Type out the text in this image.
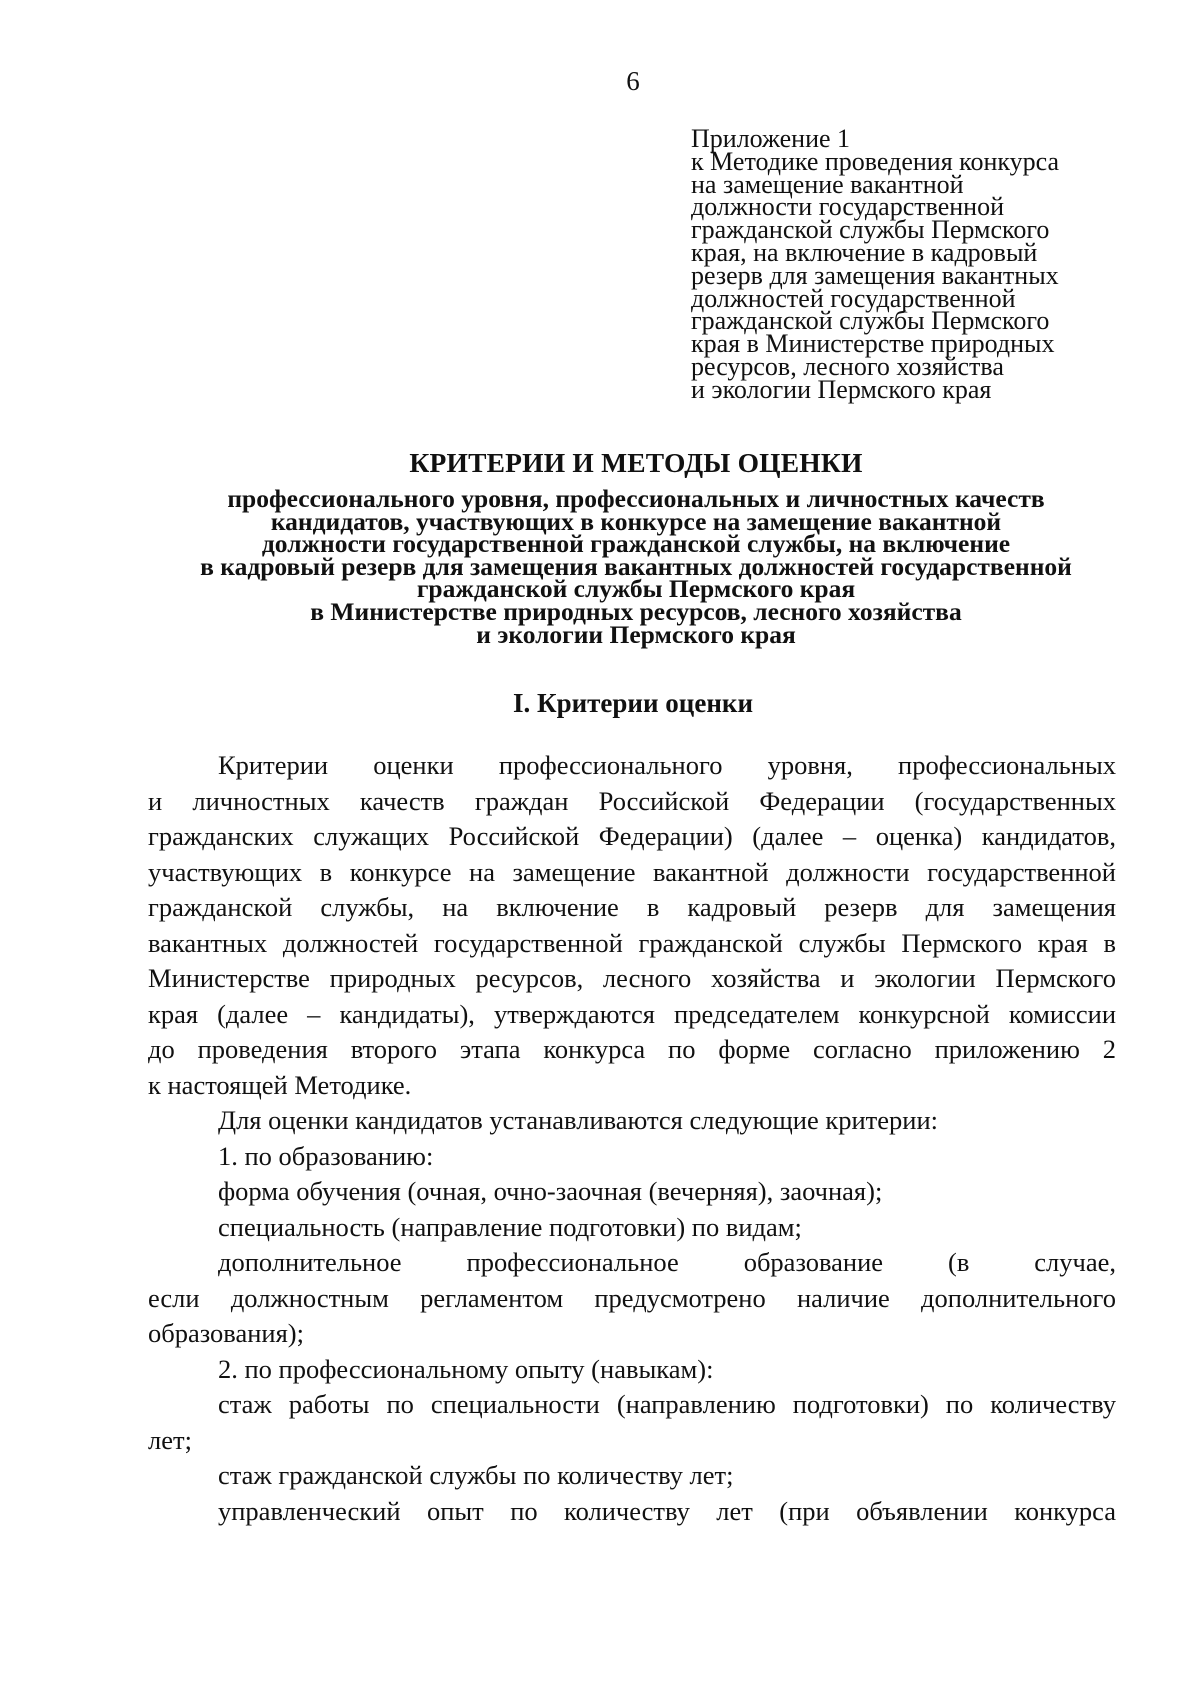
6
Приложение 1
к Методике проведения конкурса
на замещение вакантной
должности государственной
гражданской службы Пермского
края, на включение в кадровый
резерв для замещения вакантных
должностей государственной
гражданской службы Пермского
края в Министерстве природных
ресурсов, лесного хозяйства
и экологии Пермского края
КРИТЕРИИ И МЕТОДЫ ОЦЕНКИ
профессионального уровня, профессиональных и личностных качеств
кандидатов, участвующих в конкурсе на замещение вакантной
должности государственной гражданской службы, на включение
в кадровый резерв для замещения вакантных должностей государственной
гражданской службы Пермского края
в Министерстве природных ресурсов, лесного хозяйства
и экологии Пермского края
I. Критерии оценки
Критерии оценки профессионального уровня, профессиональных
и личностных качеств граждан Российской Федерации (государственных
гражданских служащих Российской Федерации) (далее – оценка) кандидатов,
участвующих в конкурсе на замещение вакантной должности государственной
гражданской службы, на включение в кадровый резерв для замещения
вакантных должностей государственной гражданской службы Пермского края в
Министерстве природных ресурсов, лесного хозяйства и экологии Пермского
края (далее – кандидаты), утверждаются председателем конкурсной комиссии
до проведения второго этапа конкурса по форме согласно приложению 2
к настоящей Методике.
Для оценки кандидатов устанавливаются следующие критерии:
1. по образованию:
форма обучения (очная, очно-заочная (вечерняя), заочная);
специальность (направление подготовки) по видам;
дополнительное профессиональное образование (в случае,
если должностным регламентом предусмотрено наличие дополнительного
образования);
2. по профессиональному опыту (навыкам):
стаж работы по специальности (направлению подготовки) по количеству
лет;
стаж гражданской службы по количеству лет;
управленческий опыт по количеству лет (при объявлении конкурса
